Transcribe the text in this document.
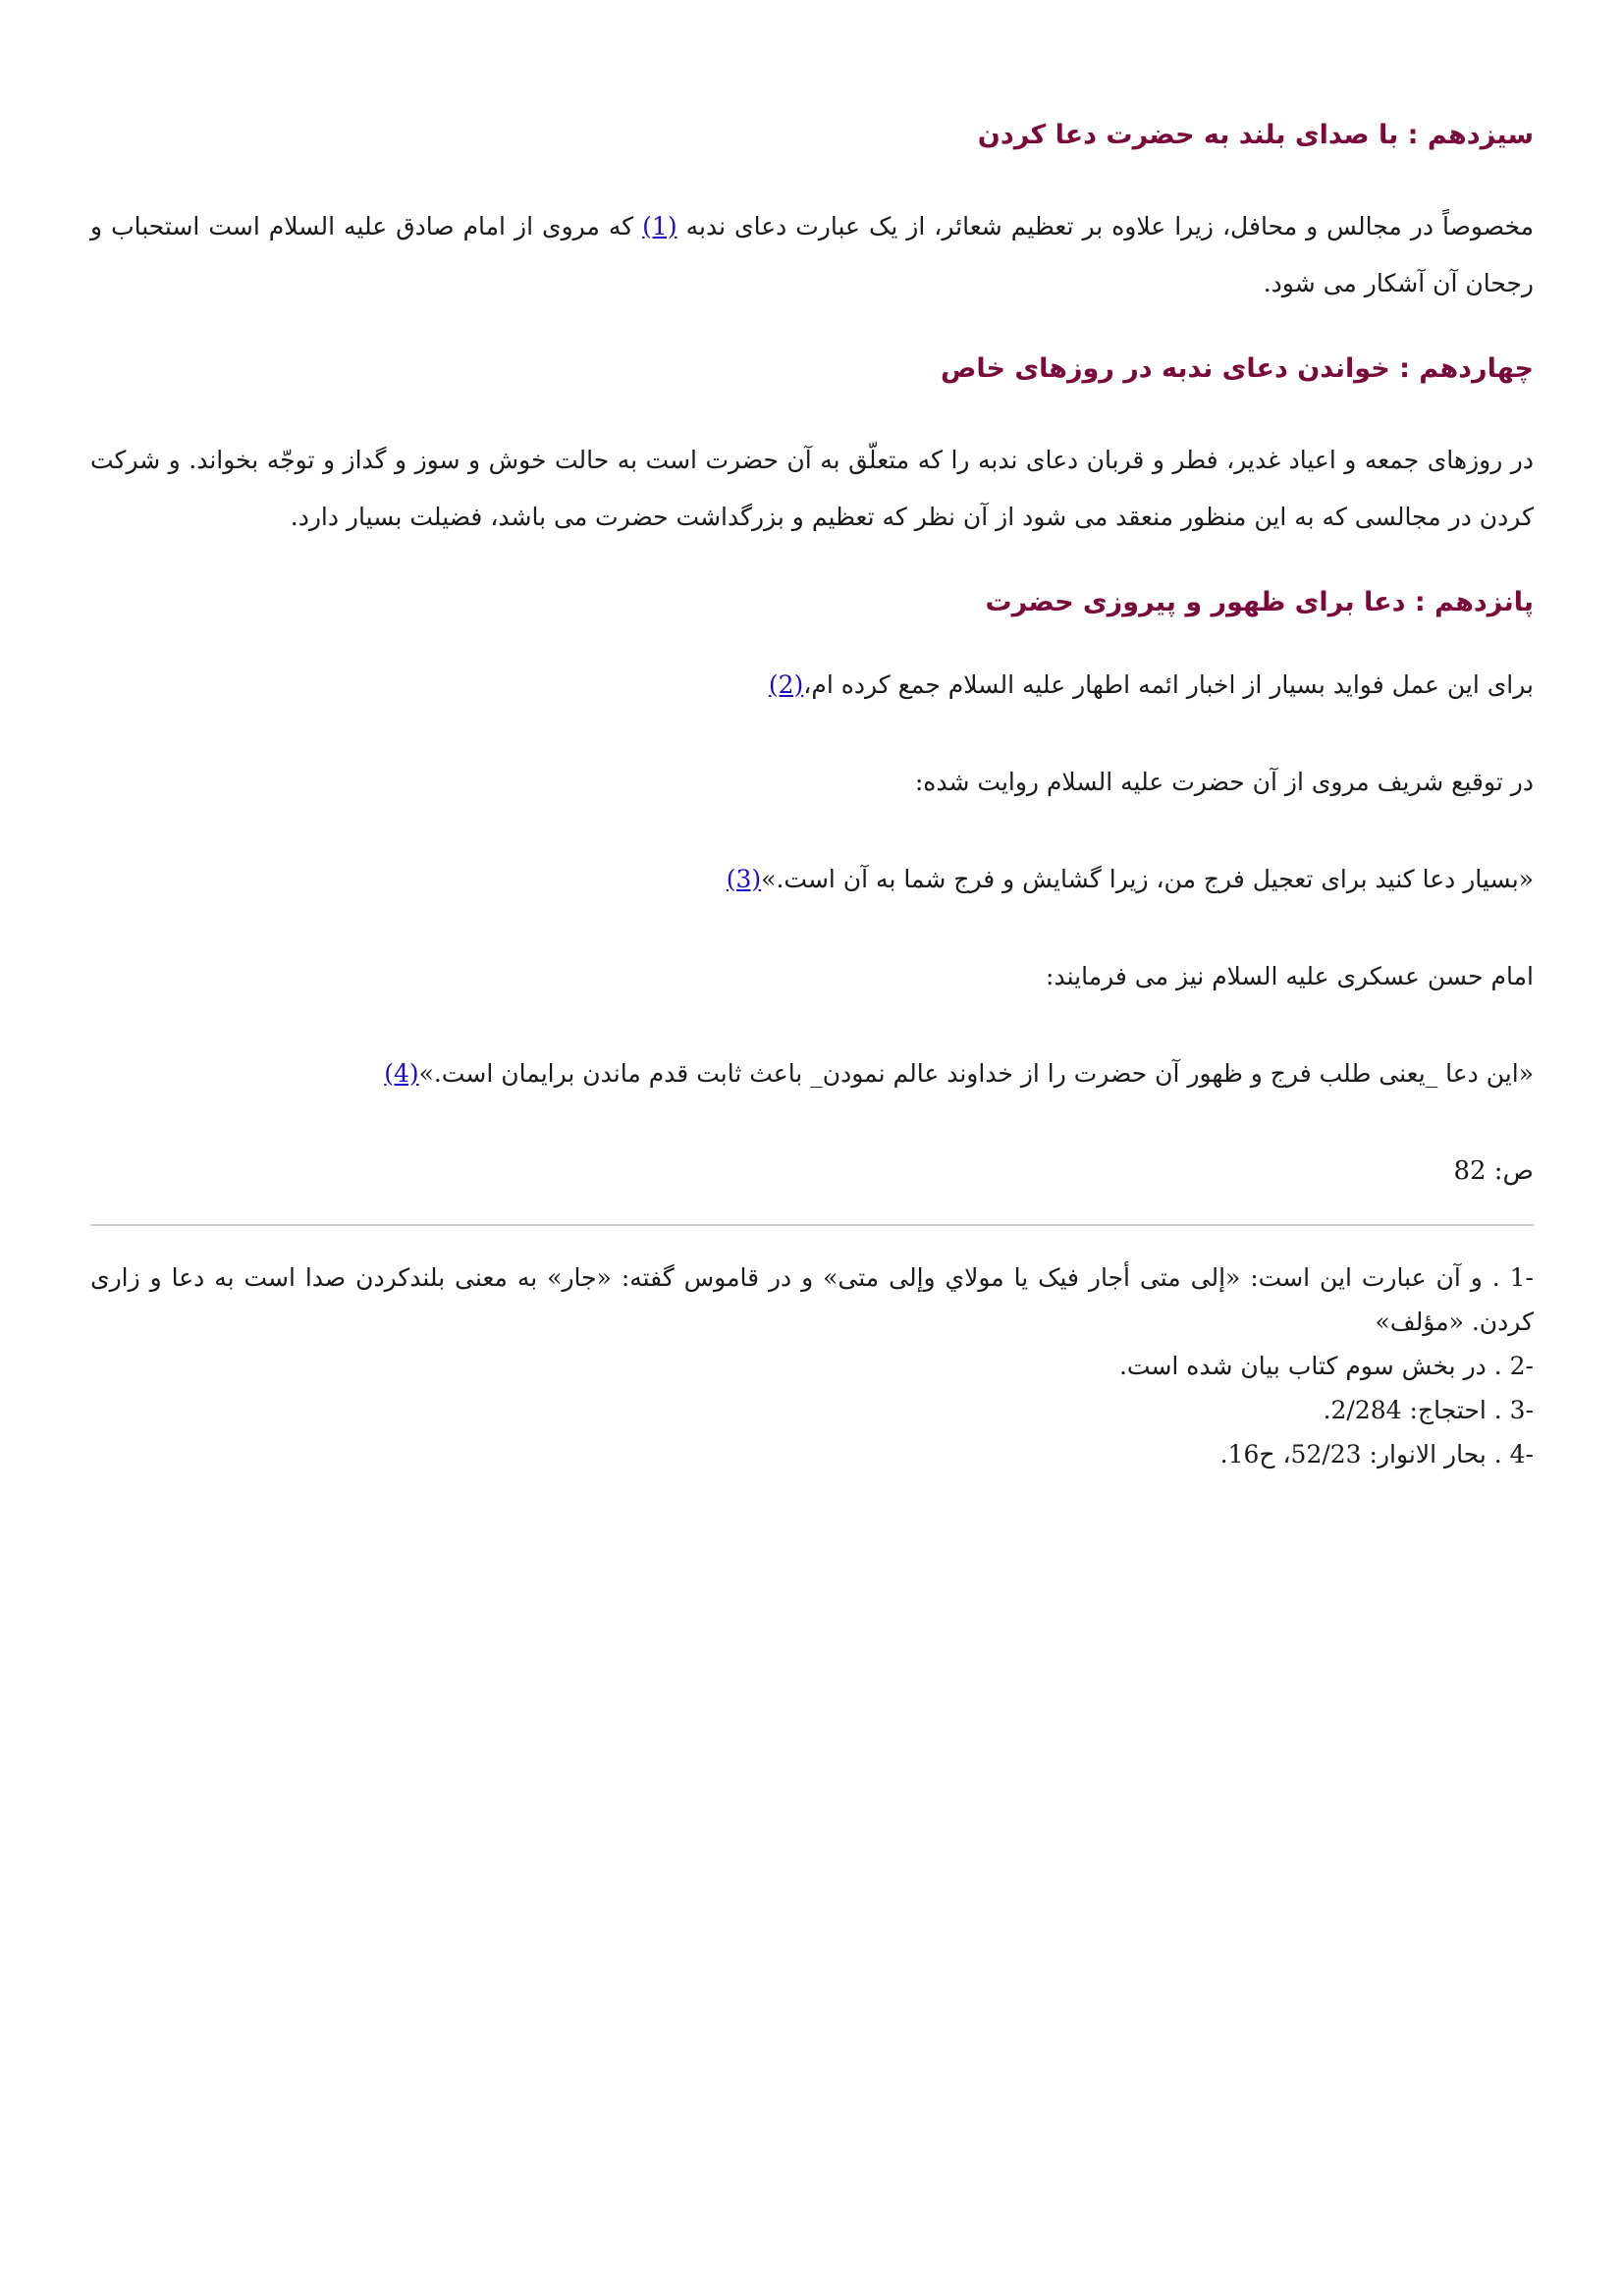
سیزدهم : با صدای بلند به حضرت دعا کردن

مخصوصاً در مجالس و محافل، زیرا علاوه بر تعظیم شعائر، از یک عبارت دعای ندبه (1) که مروی از امام صادق علیه السلام است استحباب و رجحان آن آشکار می شود.

چهاردهم : خواندن دعای ندبه در روزهای خاص

در روزهای جمعه و اعیاد غدیر، فطر و قربان دعای ندبه را که متعلّق به آن حضرت است به حالت خوش و سوز و گداز و توجّه بخواند. و شرکت کردن در مجالسی که به این منظور منعقد می شود از آن نظر که تعظیم و بزرگداشت حضرت می باشد، فضیلت بسیار دارد.

پانزدهم : دعا برای ظهور و پیروزی حضرت

برای این عمل فواید بسیار از اخبار ائمه اطهار علیه السلام جمع کرده ام،(2)

در توقیع شریف مروی از آن حضرت علیه السلام روایت شده:

«بسیار دعا کنید برای تعجیل فرج من، زیرا گشایش و فرج شما به آن است.»(3)

امام حسن عسکری علیه السلام نیز می فرمایند:

«این دعا _یعنی طلب فرج و ظهور آن حضرت را از خداوند عالم نمودن_ باعث ثابت قدم ماندن برایمان است.»(4)

ص: 82

1- . و آن عبارت این است: «إلی متی أجار فیک یا مولاي وإلی متی» و در قاموس گفته: «جار» به معنی بلندکردن صدا است به دعا و زاری کردن. «مؤلف»

2- . در بخش سوم کتاب بیان شده است.

3- . احتجاج: 2/284.

4- . بحار الانوار: 52/23، ح16.
